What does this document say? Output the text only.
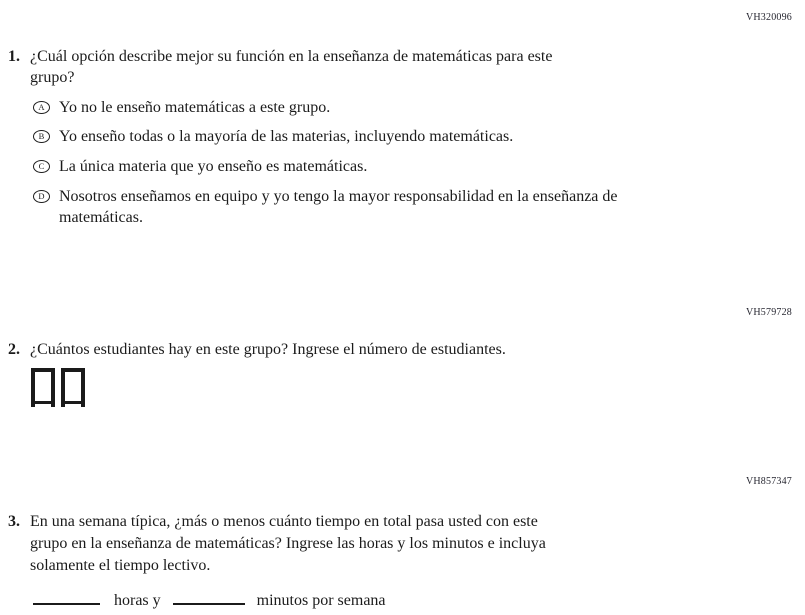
VH320096
1. ¿Cuál opción describe mejor su función en la enseñanza de matemáticas para este
grupo?
A Yo no le enseño matemáticas a este grupo.
B Yo enseño todas o la mayoría de las materias, incluyendo matemáticas.
C La única materia que yo enseño es matemáticas.
D Nosotros enseñamos en equipo y yo tengo la mayor responsabilidad en la enseñanza de
matemáticas.
VH579728
2. ¿Cuántos estudiantes hay en este grupo? Ingrese el número de estudiantes.
VH857347
3. En una semana típica, ¿más o menos cuánto tiempo en total pasa usted con este
grupo en la enseñanza de matemáticas? Ingrese las horas y los minutos e incluya
solamente el tiempo lectivo.
horas y	minutos por semana
